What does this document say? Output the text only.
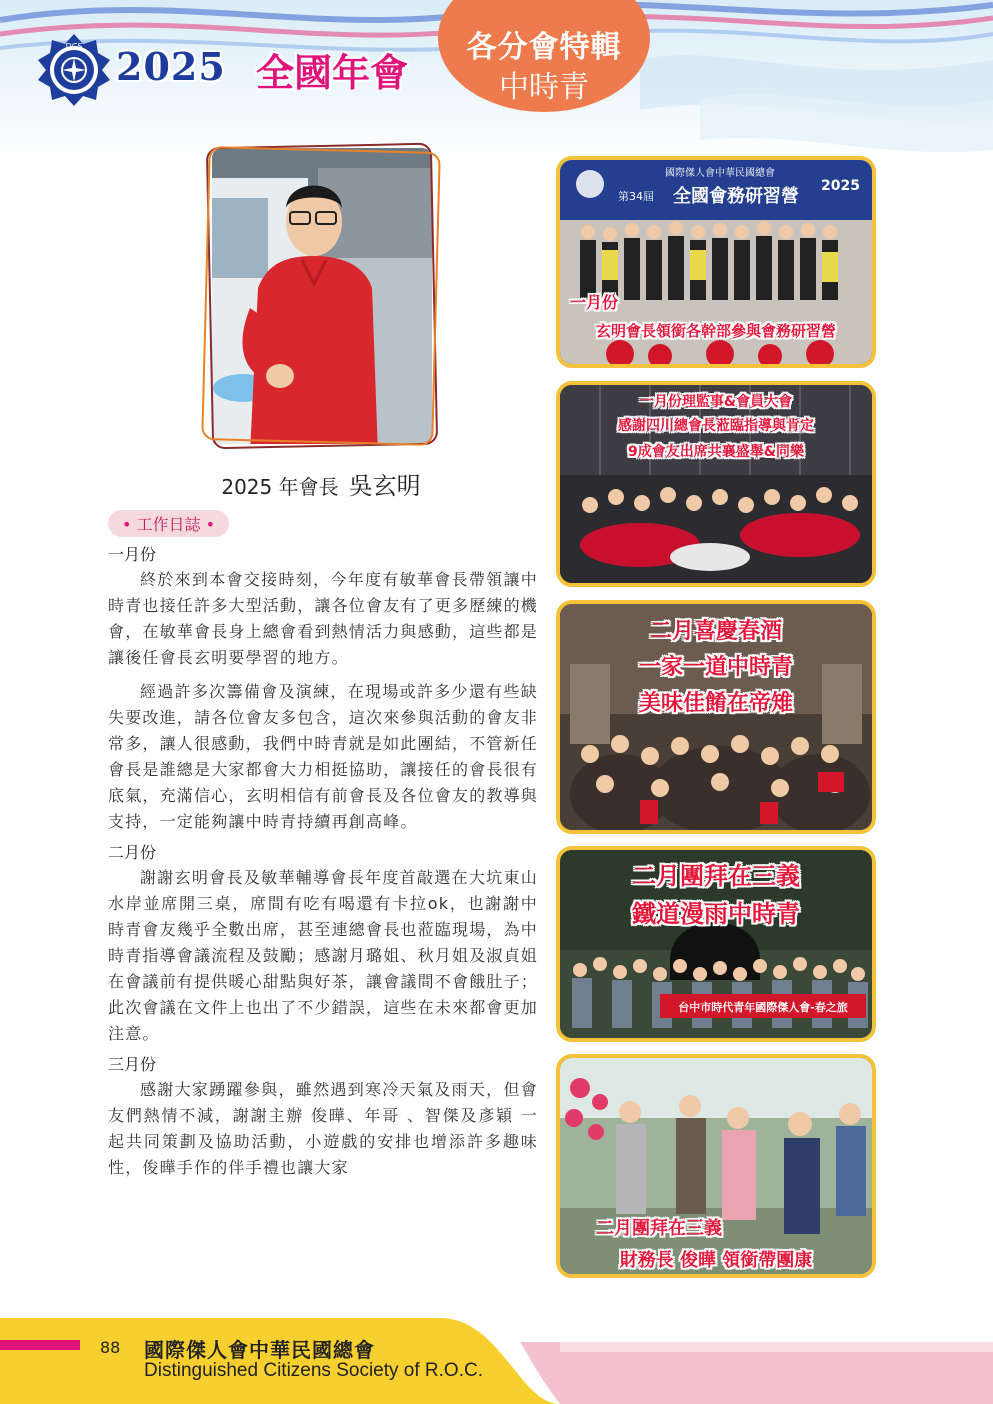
DCS 2025 全國年會
各分會特輯
中時青
2025 年會長 吳玄明
• 工作日誌 •
一月份

終於來到本會交接時刻，今年度有敏華會長帶領讓中時青也接任許多大型活動，讓各位會友有了更多歷練的機會，在敏華會長身上總會看到熱情活力與感動，這些都是讓後任會長玄明要學習的地方。

經過許多次籌備會及演練，在現場或許多少還有些缺失要改進，請各位會友多包含，這次來參與活動的會友非常多，讓人很感動，我們中時青就是如此團結，不管新任會長是誰總是大家都會大力相挺協助，讓接任的會長很有底氣，充滿信心，玄明相信有前會長及各位會友的教導與支持，一定能夠讓中時青持續再創高峰。

二月份

謝謝玄明會長及敏華輔導會長年度首敲選在大坑東山水岸並席開三桌，席間有吃有喝還有卡拉ok，也謝謝中時青會友幾乎全數出席，甚至連總會長也蒞臨現場，為中時青指導會議流程及鼓勵；感謝月璐姐、秋月姐及淑貞姐在會議前有提供暖心甜點與好茶，讓會議間不會餓肚子；此次會議在文件上也出了不少錯誤，這些在未來都會更加注意。

三月份

感謝大家踴躍參與，雖然遇到寒冷天氣及雨天，但會友們熱情不減，謝謝主辦 俊曄、年哥 、智傑及彥穎 一起共同策劃及協助活動，小遊戲的安排也增添許多趣味性，俊曄手作的伴手禮也讓大家

國際傑人會中華民國總會
第34屆 全國會務研習營 2025
一月份
玄明會長領銜各幹部參與會務研習營
一月份理監事&會員大會
感謝四川總會長蒞臨指導與肯定
9成會友出席共襄盛舉&同樂
二月喜慶春酒
一家一道中時青
美味佳餚在帝雉
台中市時代青年國際傑人會-春之旅
二月團拜在三義
鐵道漫雨中時青
二月團拜在三義
財務長 俊曄 領銜帶團康
88 國際傑人會中華民國總會
Distinguished Citizens Society of R.O.C.
